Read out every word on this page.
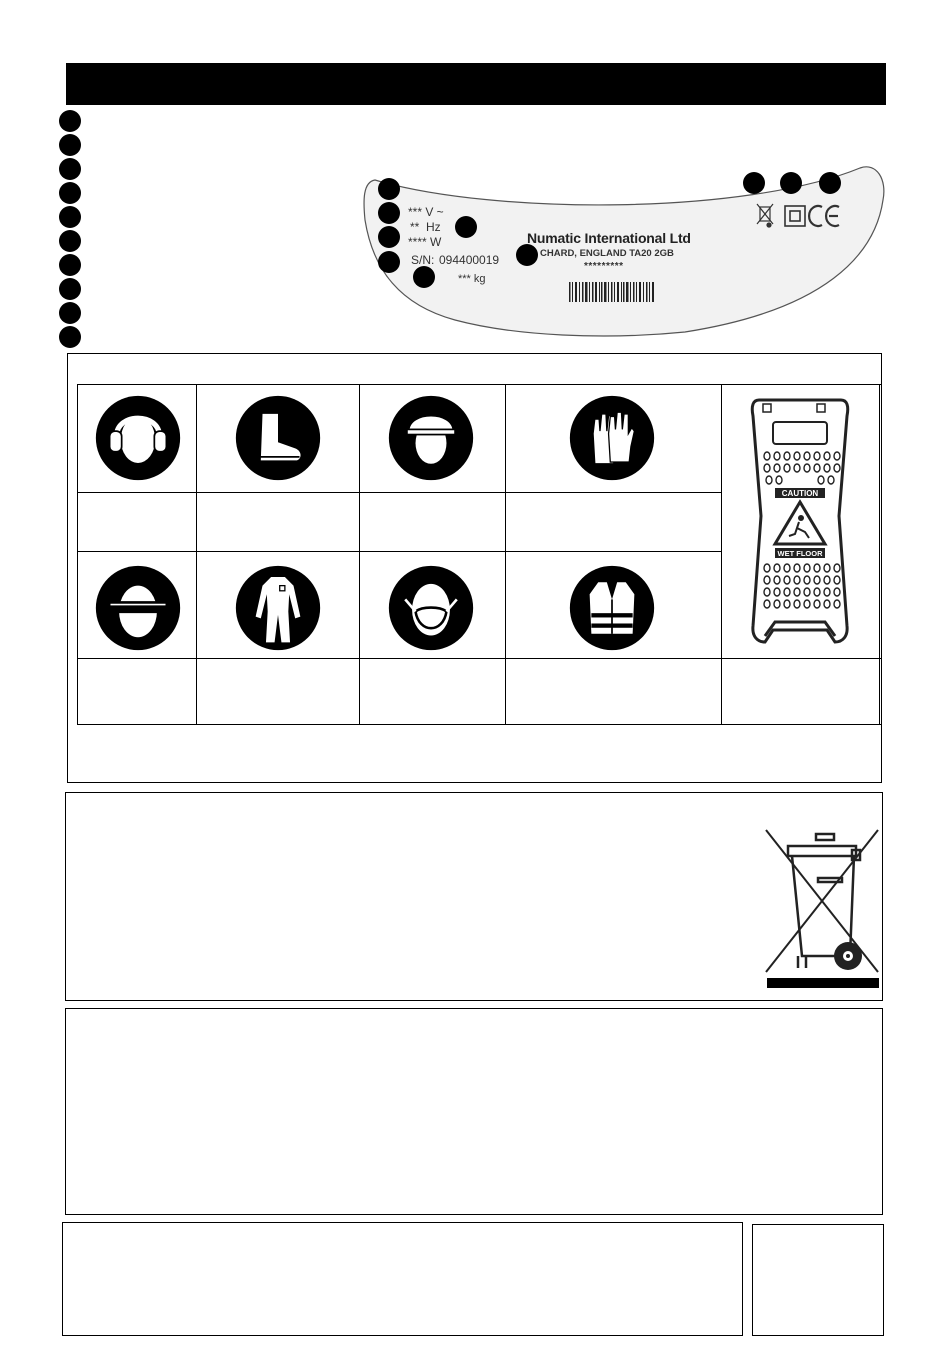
*** V ~
**  Hz
**** W
S/N: 094400019
*** kg
Numatic International Ltd
CHARD, ENGLAND TA20 2GB
*********
CAUTION
WET FLOOR
